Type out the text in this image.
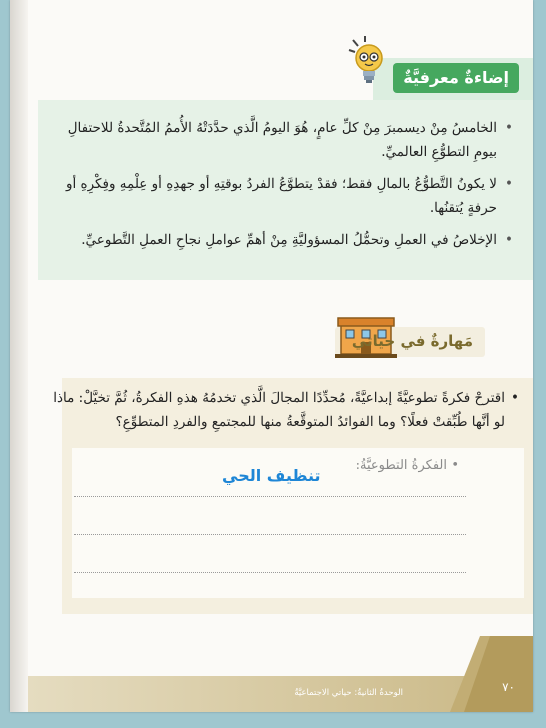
إضاءةٌ معرفيَّةٌ
• الخامسُ مِنْ ديسمبرَ مِنْ كلِّ عامٍ، هُوَ اليومُ الَّذي حدَّدَتْهُ الأُممُ المُتَّحدةُ للاحتفالِ بيومِ التطوُّعِ العالميِّ.
• لا يكونُ التَّطوُّعُ بالمالِ فقط؛ فقدْ يتطوَّعُ الفردُ بوقتِهِ أو جهدِهِ أو عِلْمِهِ وفِكْرِهِ أو حرفةٍ يُتقنُها.
• الإخلاصُ في العملِ وتحمُّلُ المسؤوليَّةِ مِنْ أهمِّ عواملِ نجاحِ العملِ التَّطوعيِّ.
مَهارةٌ في حياتي
•
اقترحْ فكرةً تطوعيَّةً إبداعيَّةً، مُحدِّدًا المجالَ الَّذي تخدمُهُ هذهِ الفكرةُ، ثُمَّ تخيَّلْ: ماذا لو أنَّها طُبِّقتْ فعلًا؟ وما الفوائدُ المتوقَّعةُ منها للمجتمعِ والفردِ المتطوِّعِ؟
•
الفكرةُ التطوعيَّةُ:
تنظيف الحي
الوحدةُ الثانيةُ: حياتي الاجتماعيَّةُ	٧٠
